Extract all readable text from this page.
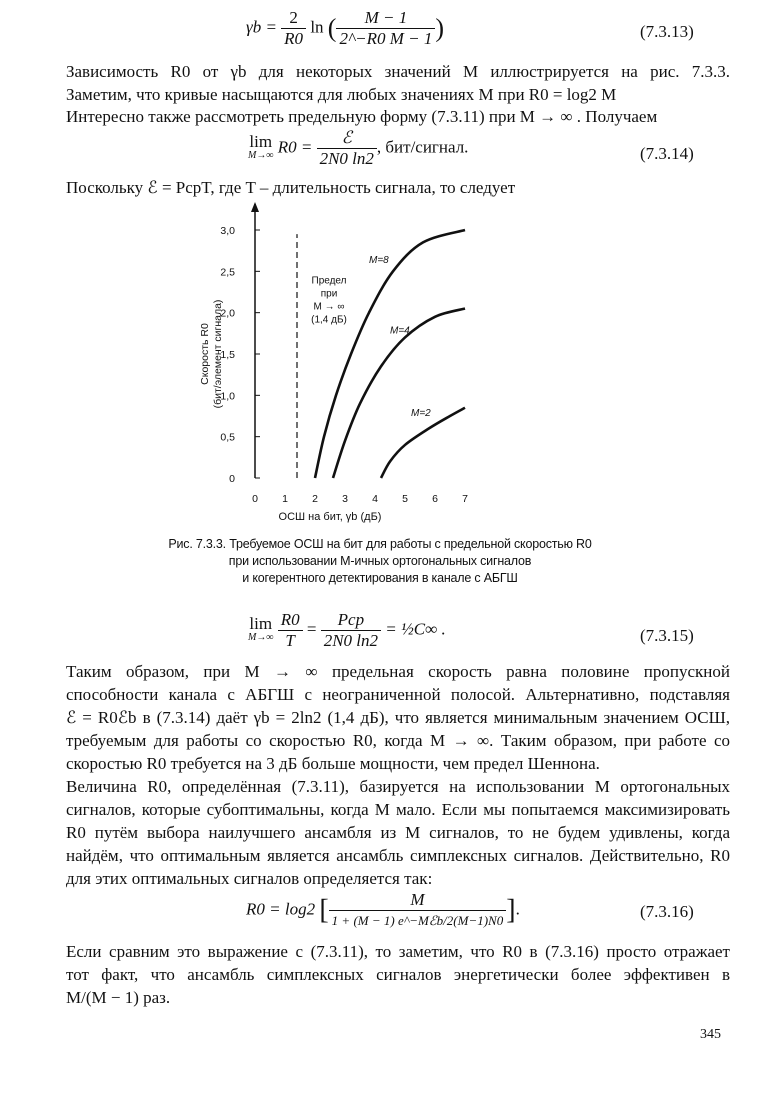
$\gamma b = \frac{2}{R0}$ ln ( $\frac{M - 1}{2\^{}-R0 M - 1}$ )	(7.3.13)
Зависимость R0 от γb для некоторых значений M иллюстрируется на рис. 7.3.3.
Заметим, что кривые насыщаются для любых значениях M при R0 = log2 M
Интересно также рассмотреть предельную форму (7.3.11) при M → ∞ . Получаем
lim
M→∞ $R0 = \frac{\text{ℰ}}{2N0 \ln 2}$ , бит/сигнал.	(7.3.14)
Поскольку ℰ = PсрT, где T – длительность сигнала, то следует
0 1 2 3 4 5 6 7
0
0,5
1,0
1,5
2,0
2,5
3,0
ОСШ на бит, γb (дБ)
Скорость R0 (бит/элемент сигнала)
Предел
при
M → ∞
(1,4 дБ)
M=8
M=4
M=2
Рис. 7.3.3. Требуемое ОСШ на бит для работы с предельной скоростью R0
при использовании M-ичных ортогональных сигналов
и когерентного детектирования в канале с АБГШ
lim
M→∞
$\frac{R0}{T} = \frac{\text{Pср}}{2N0 \ln 2}$ = ½C∞ .	(7.3.15)
Таким образом, при M → ∞ предельная скорость равна половине пропускной
способности канала с АБГШ с неограниченной полосой. Альтернативно, подставляя
ℰ = R0ℰb в (7.3.14) даёт γb = 2ln2 (1,4 дБ), что является минимальным значением ОСШ,
требуемым для работы со скоростью R0, когда M → ∞. Таким образом, при работе со
скоростью R0 требуется на 3 дБ больше мощности, чем предел Шеннона.
Величина R0, определённая (7.3.11), базируется на использовании M ортогональных
сигналов, которые субоптимальны, когда M мало. Если мы попытаемся максимизировать
R0 путём выбора наилучшего ансамбля из M сигналов, то не будем удивлены, когда
найдём, что оптимальным является ансамбль симплексных сигналов. Действительно, R0
для этих оптимальных сигналов определяется так:
R0 = log2 [ $\frac{M}{\text{1 + (M − 1) e\textasciicircum{}−Mℰb/2(M−1)N0}}$ ].	(7.3.16)
Если сравним это выражение с (7.3.11), то заметим, что R0 в (7.3.16) просто отражает
тот факт, что ансамбль симплексных сигналов энергетически более эффективен в
M/(M − 1) раз.
345
